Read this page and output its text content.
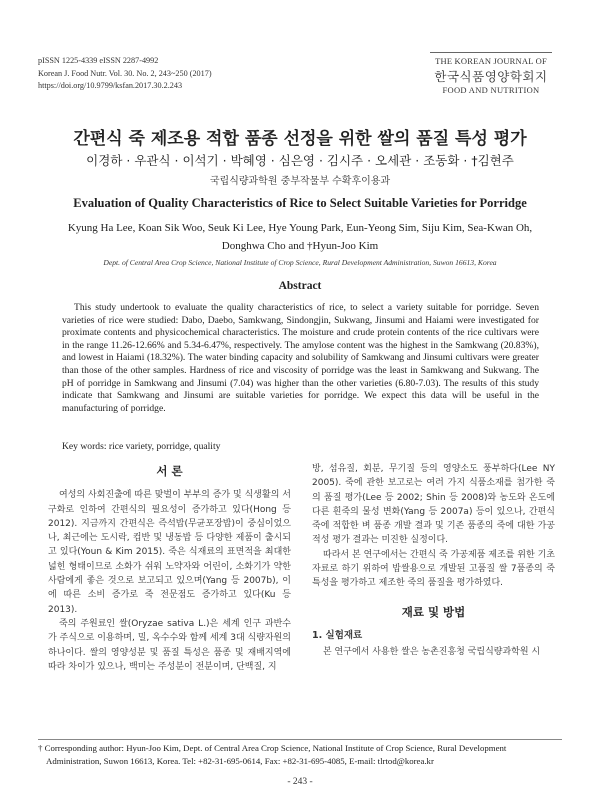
pISSN 1225-4339 eISSN 2287-4992
Korean J. Food Nutr. Vol. 30. No. 2, 243~250 (2017)
https://doi.org/10.9799/ksfan.2017.30.2.243
THE KOREAN JOURNAL OF
한국식품영양학회지
FOOD AND NUTRITION
간편식 죽 제조용 적합 품종 선정을 위한 쌀의 품질 특성 평가
이경하 · 우관식 · 이석기 · 박혜영 · 심은영 · 김시주 · 오세관 · 조동화 · †김현주
국립식량과학원 중부작물부 수확후이용과
Evaluation of Quality Characteristics of Rice to Select Suitable Varieties for Porridge
Kyung Ha Lee, Koan Sik Woo, Seuk Ki Lee, Hye Young Park, Eun-Yeong Sim, Siju Kim, Sea-Kwan Oh, Donghwa Cho and †Hyun-Joo Kim
Dept. of Central Area Crop Science, National Institute of Crop Science, Rural Development Administration, Suwon 16613, Korea
Abstract
This study undertook to evaluate the quality characteristics of rice, to select a variety suitable for porridge. Seven varieties of rice were studied: Dabo, Daebo, Samkwang, Sindongjin, Sukwang, Jinsumi and Haiami were investigated for proximate contents and physicochemical characteristics. The moisture and crude protein contents of the rice cultivars were in the range 11.26-12.66% and 5.34-6.47%, respectively. The amylose content was the highest in the Samkwang (20.83%), and lowest in Haiami (18.32%). The water binding capacity and solubility of Samkwang and Jinsumi cultivars were greater than those of the other samples. Hardness of rice and viscosity of porridge was the least in Samkwang and Sukwang. The pH of porridge in Samkwang and Jinsumi (7.04) was higher than the other varieties (6.80-7.03). The results of this study indicate that Samkwang and Jinsumi are suitable varieties for porridge. We expect this data will be useful in the manufacturing of porridge.
Key words: rice variety, porridge, quality
서 론

여성의 사회진출에 따른 맞벌이 부부의 증가 및 식생활의 서구화로 인하여 간편식의 필요성이 증가하고 있다(Hong 등 2012). 지금까지 간편식은 즉석밥(무균포장밥)이 중심이었으나, 최근에는 도시락, 컵반 및 냉동밥 등 다양한 제품이 출시되고 있다(Youn & Kim 2015). 죽은 식재료의 표면적을 최대한 넓힌 형태이므로 소화가 쉬워 노약자와 어린이, 소화기가 약한 사람에게 좋은 것으로 보고되고 있으며(Yang 등 2007b), 이에 따른 소비 증가로 죽 전문점도 증가하고 있다(Ku 등 2013).

죽의 주원료인 쌀(Oryzae sativa L.)은 세계 인구 과반수가 주식으로 이용하며, 밀, 옥수수와 함께 세계 3대 식량자원의 하나이다. 쌀의 영양성분 및 품질 특성은 품종 및 재배지역에 따라 차이가 있으나, 백미는 주성분이 전분이며, 단백질, 지

방, 섬유질, 회분, 무기질 등의 영양소도 풍부하다(Lee NY 2005). 죽에 관한 보고로는 여러 가지 식품소재를 첨가한 죽의 품질 평가(Lee 등 2002; Shin 등 2008)와 농도와 온도에 다른 흰죽의 물성 변화(Yang 등 2007a) 등이 있으나, 간편식 죽에 적합한 벼 품종 개발 결과 및 기존 품종의 죽에 대한 가공적성 평가 결과는 미진한 실정이다.

따라서 본 연구에서는 간편식 죽 가공제품 제조를 위한 기초자료로 하기 위하여 밥쌀용으로 개발된 고품질 쌀 7품종의 죽 특성을 평가하고 제조한 죽의 품질을 평가하였다.

재료 및 방법
1. 실험재료

본 연구에서 사용한 쌀은 농촌진흥청 국립식량과학원 시

† Corresponding author: Hyun-Joo Kim, Dept. of Central Area Crop Science, National Institute of Crop Science, Rural Development
Administration, Suwon 16613, Korea. Tel: +82-31-695-0614, Fax: +82-31-695-4085, E-mail: tlrtod@korea.kr
- 243 -
